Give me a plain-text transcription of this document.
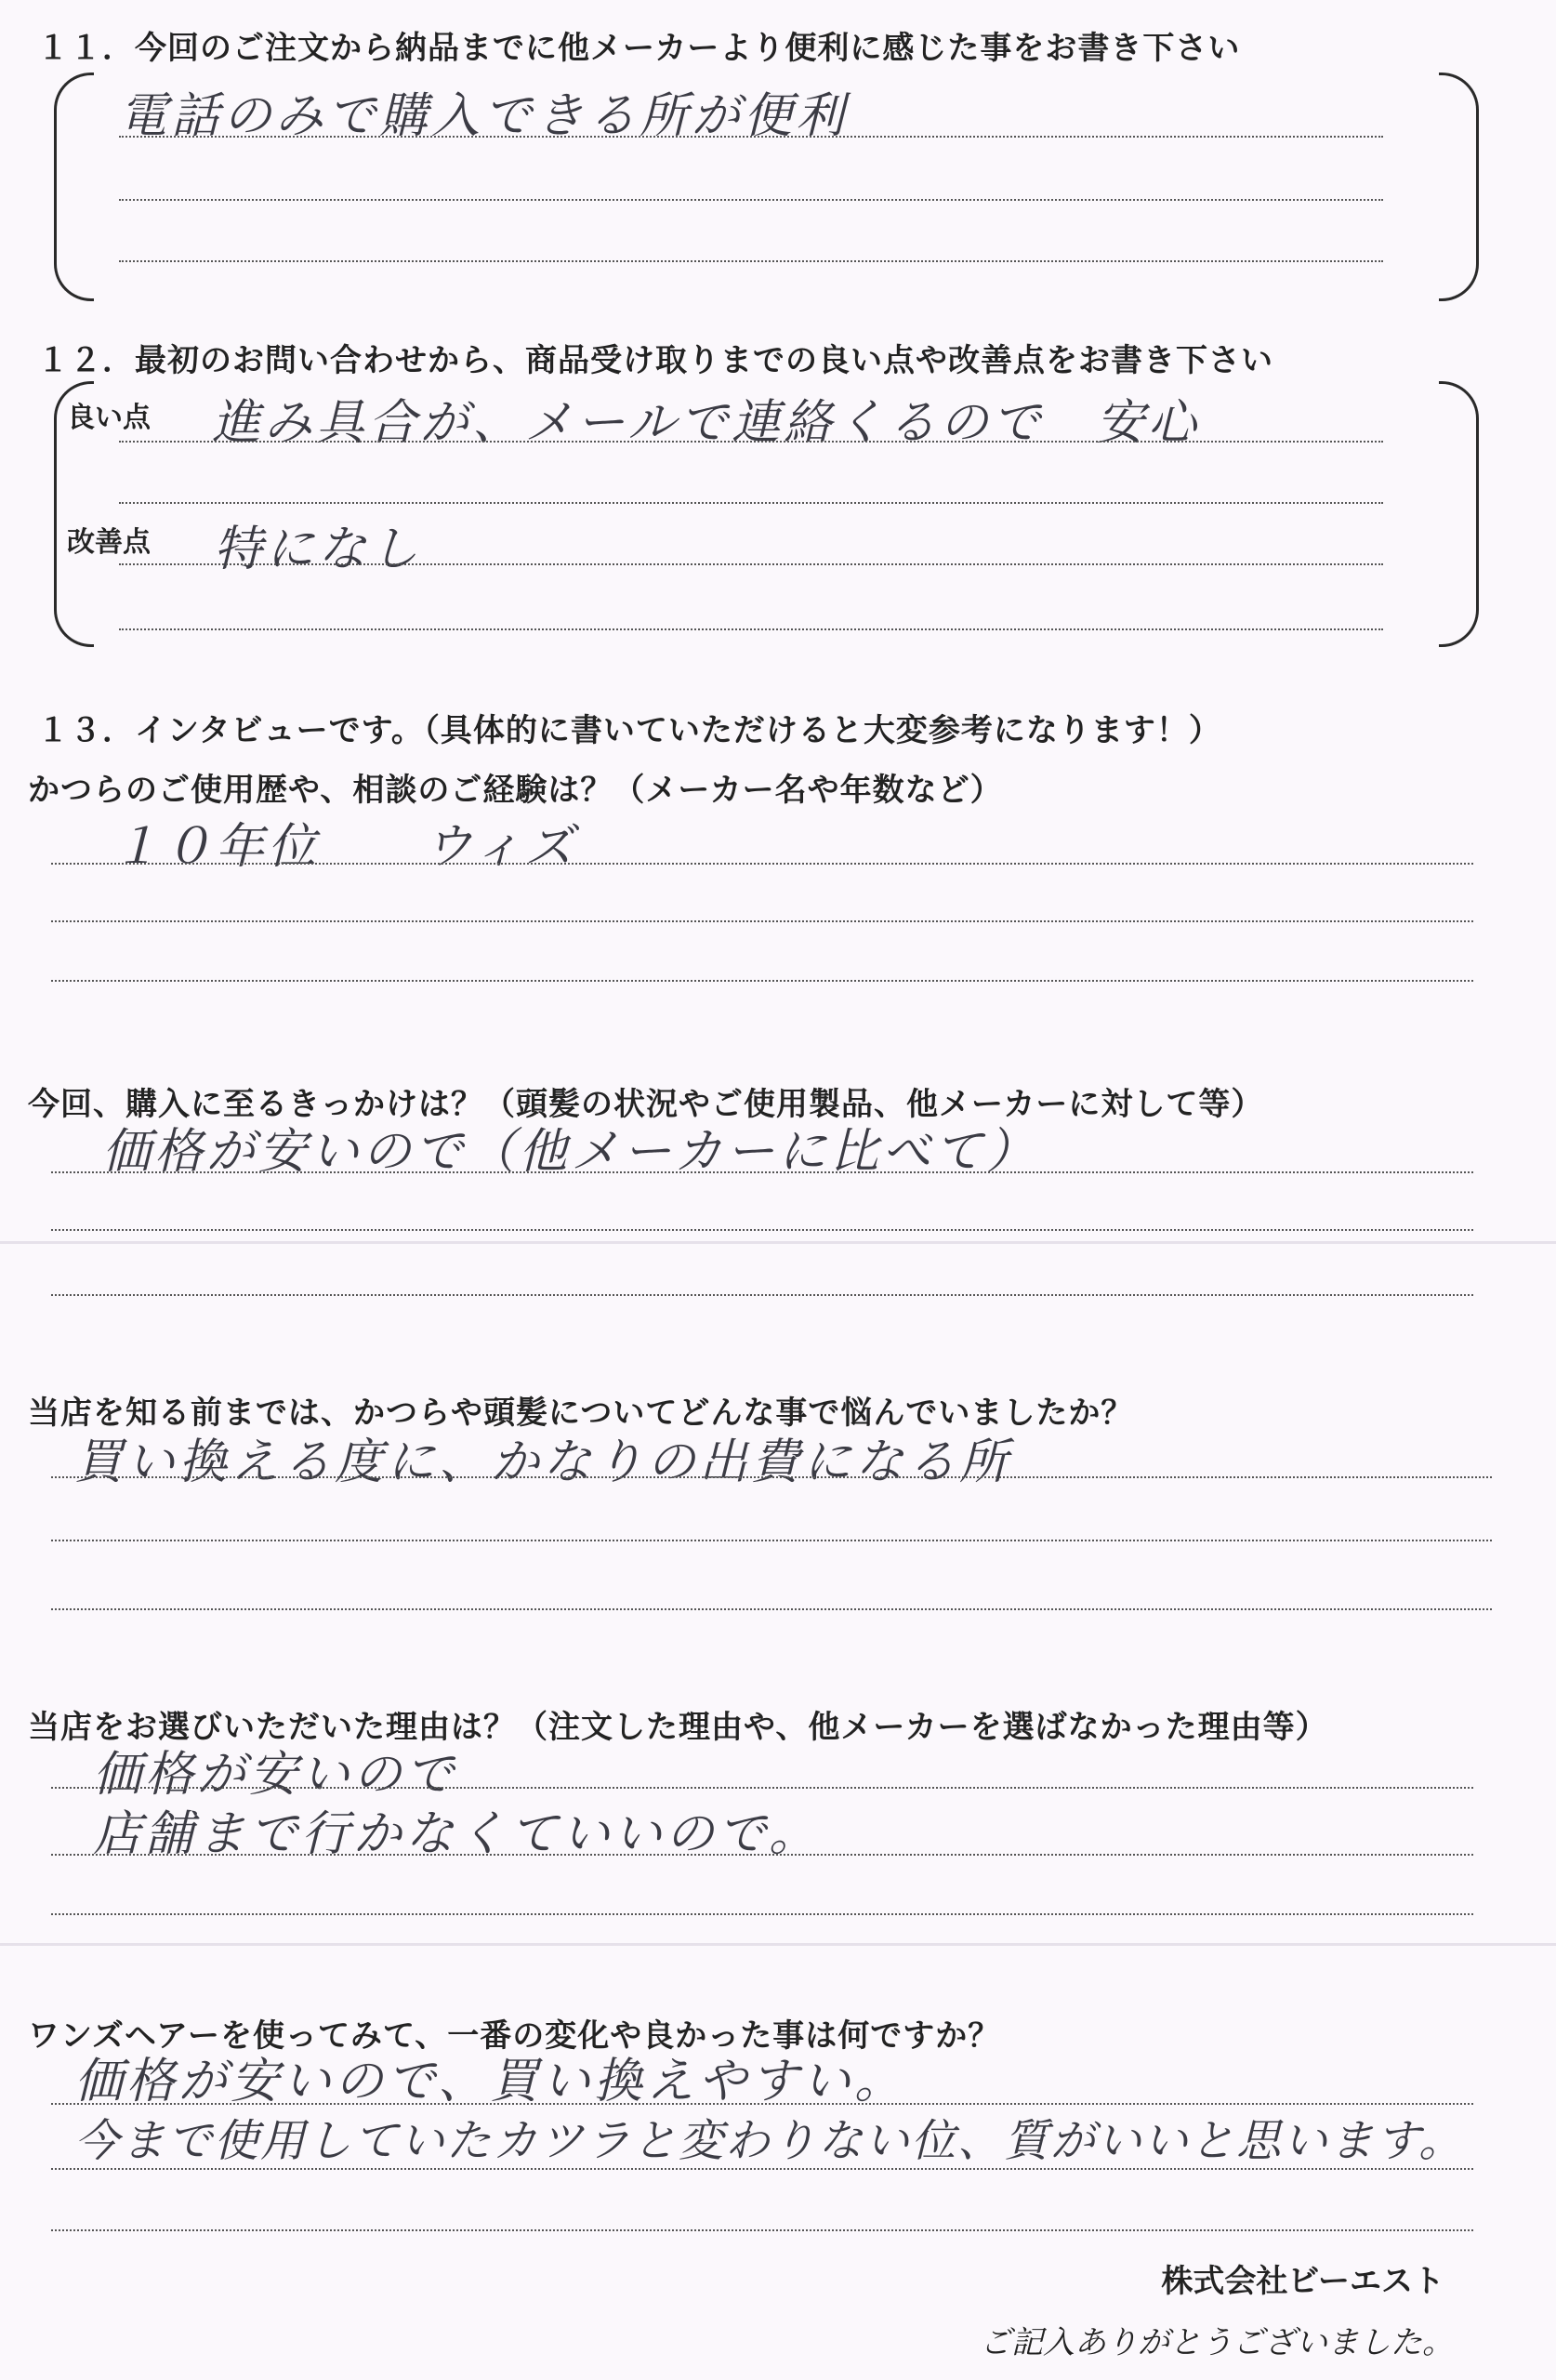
１１．今回のご注文から納品までに他メーカーより便利に感じた事をお書き下さい
電話のみで購入できる所が便利
１２．最初のお問い合わせから、商品受け取りまでの良い点や改善点をお書き下さい
良い点 進み具合が、メールで連絡くるので　安心
改善点 特になし
１３．インタビューです。（具体的に書いていただけると大変参考になります！）
かつらのご使用歴や、相談のご経験は？（メーカー名や年数など）
１０年位　　ウィズ
今回、購入に至るきっかけは？（頭髪の状況やご使用製品、他メーカーに対して等）
価格が安いので（他メーカーに比べて）
当店を知る前までは、かつらや頭髪についてどんな事で悩んでいましたか？
買い換える度に、かなりの出費になる所
当店をお選びいただいた理由は？（注文した理由や、他メーカーを選ばなかった理由等）
価格が安いので
店舗まで行かなくていいので。
ワンズヘアーを使ってみて、一番の変化や良かった事は何ですか？
価格が安いので、買い換えやすい。
今まで使用していたカツラと変わりない位、質がいいと思います。
株式会社ビーエスト
ご記入ありがとうございました。
